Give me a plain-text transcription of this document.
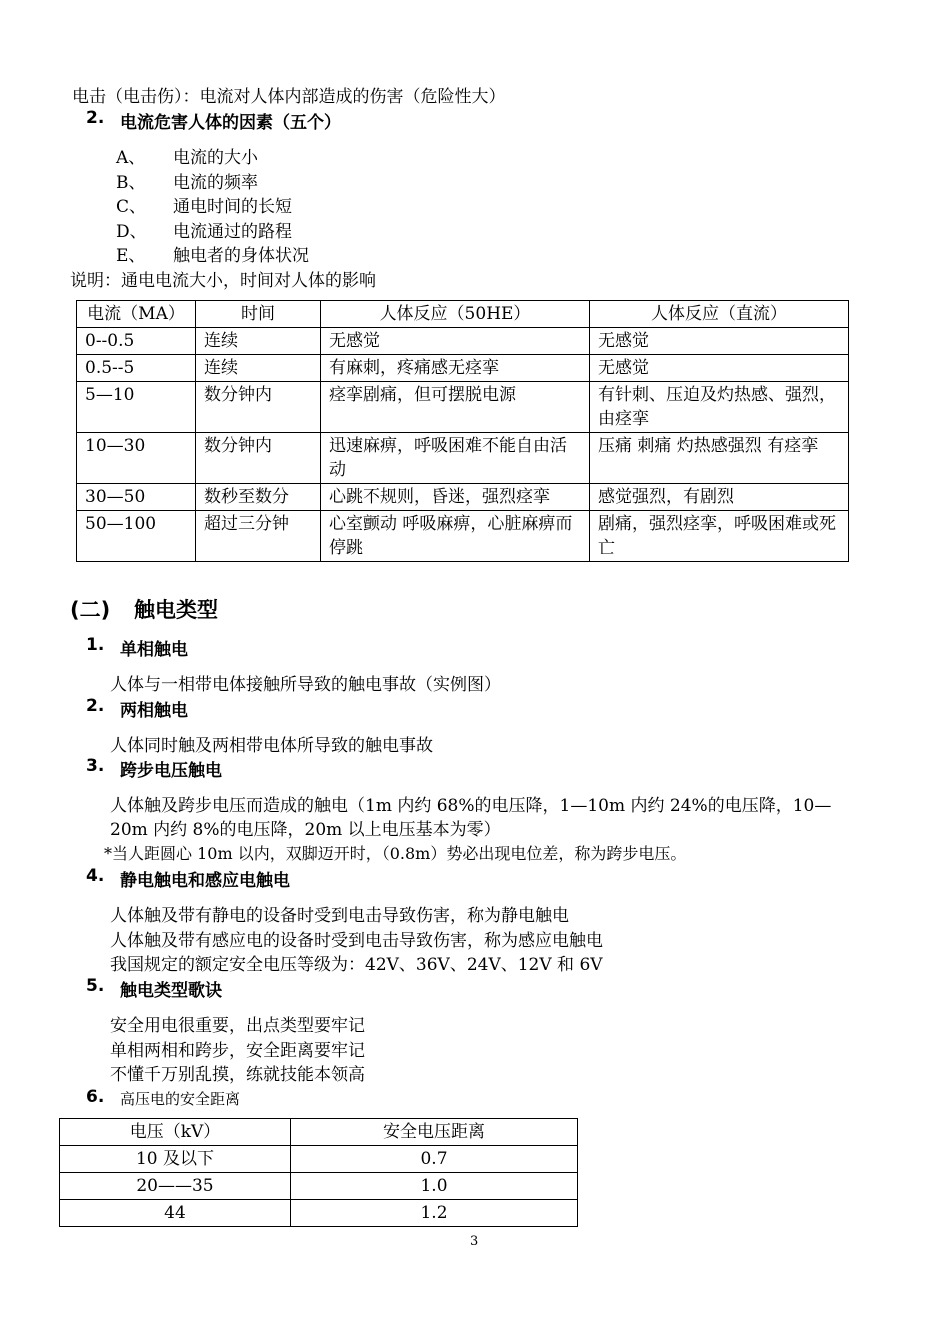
电击（电击伤）：电流对人体内部造成的伤害（危险性大）
2. 电流危害人体的因素（五个）
A、 电流的大小
B、 电流的频率
C、 通电时间的长短
D、 电流通过的路程
E、 触电者的身体状况
说明：通电电流大小，时间对人体的影响
电流（MA）	时间	人体反应（50HE）	人体反应（直流）
0--0.5	连续	无感觉	无感觉
0.5--5	连续	有麻刺，疼痛感无痉挛	无感觉
5—10	数分钟内	痉挛剧痛，但可摆脱电源	有针刺、压迫及灼热感、强烈，由痉挛
10—30	数分钟内	迅速麻痹，呼吸困难不能自由活动	压痛 刺痛 灼热感强烈 有痉挛
30—50	数秒至数分	心跳不规则，昏迷，强烈痉挛	感觉强烈，有剧烈
50—100	超过三分钟	心室颤动 呼吸麻痹，心脏麻痹而停跳	剧痛，强烈痉挛，呼吸困难或死亡
(二) 触电类型
1. 单相触电
人体与一相带电体接触所导致的触电事故（实例图）
2. 两相触电
人体同时触及两相带电体所导致的触电事故
3. 跨步电压触电
人体触及跨步电压而造成的触电（1m 内约 68%的电压降，1—10m 内约 24%的电压降，10—
20m 内约 8%的电压降，20m 以上电压基本为零）
*当人距圆心 10m 以内，双脚迈开时，（0.8m）势必出现电位差，称为跨步电压。
4. 静电触电和感应电触电
人体触及带有静电的设备时受到电击导致伤害，称为静电触电
人体触及带有感应电的设备时受到电击导致伤害，称为感应电触电
我国规定的额定安全电压等级为：42V、36V、24V、12V 和 6V
5. 触电类型歌诀
安全用电很重要，出点类型要牢记
单相两相和跨步，安全距离要牢记
不懂千万别乱摸，练就技能本领高
6. 高压电的安全距离
电压（kV）	安全电压距离
10 及以下	0.7
20——35	1.0
44	1.2
3
